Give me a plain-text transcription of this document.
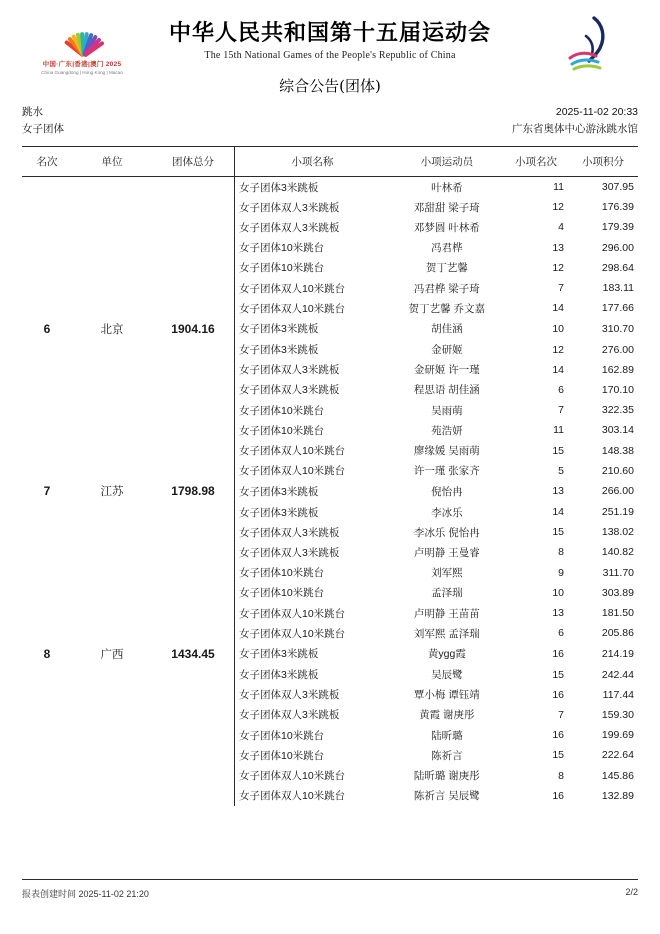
中国·广东|香港|澳门 2025
China Guangdong | Hong Kong | Macao
中华人民共和国第十五届运动会
The 15th National Games of the People's Republic of China
综合公告(团体)
跳水	2025-11-02 20:33
女子团体	广东省奥体中心游泳跳水馆
名次	单位	团体总分	小项名称	小项运动员	小项名次	小项积分
			女子团体3米跳板	叶林希	11	307.95
			女子团体双人3米跳板	邓甜甜 梁子琦	12	176.39
			女子团体双人3米跳板	邓梦圆 叶林希	4	179.39
			女子团体10米跳台	冯君桦	13	296.00
			女子团体10米跳台	贺丁艺馨	12	298.64
			女子团体双人10米跳台	冯君桦 梁子琦	7	183.11
			女子团体双人10米跳台	贺丁艺馨 乔文嘉	14	177.66
6	北京	1904.16	女子团体3米跳板	胡佳涵	10	310.70
			女子团体3米跳板	金研姬	12	276.00
			女子团体双人3米跳板	金研姬 许一瑾	14	162.89
			女子团体双人3米跳板	程思语 胡佳涵	6	170.10
			女子团体10米跳台	吴雨萌	7	322.35
			女子团体10米跳台	苑浩妍	11	303.14
			女子团体双人10米跳台	廖缘媛 吴雨萌	15	148.38
			女子团体双人10米跳台	许一瑾 张家齐	5	210.60
7	江苏	1798.98	女子团体3米跳板	倪怡冉	13	266.00
			女子团体3米跳板	李冰乐	14	251.19
			女子团体双人3米跳板	李冰乐 倪怡冉	15	138.02
			女子团体双人3米跳板	卢明静 王曼睿	8	140.82
			女子团体10米跳台	刘军熙	9	311.70
			女子团体10米跳台	孟泽瑞	10	303.89
			女子团体双人10米跳台	卢明静 王苗苗	13	181.50
			女子团体双人10米跳台	刘军熙 孟泽瑞	6	205.86
8	广西	1434.45	女子团体3米跳板	黄ygg霞	16	214.19
			女子团体3米跳板	吴辰鹭	15	242.44
			女子团体双人3米跳板	覃小梅 谭钰靖	16	117.44
			女子团体双人3米跳板	黄霞 谢庚彤	7	159.30
			女子团体10米跳台	陆昕璐	16	199.69
			女子团体10米跳台	陈祈言	15	222.64
			女子团体双人10米跳台	陆昕璐 谢庚彤	8	145.86
			女子团体双人10米跳台	陈祈言 吴辰鹭	16	132.89
报表创建时间 2025-11-02 21:20	2/2
